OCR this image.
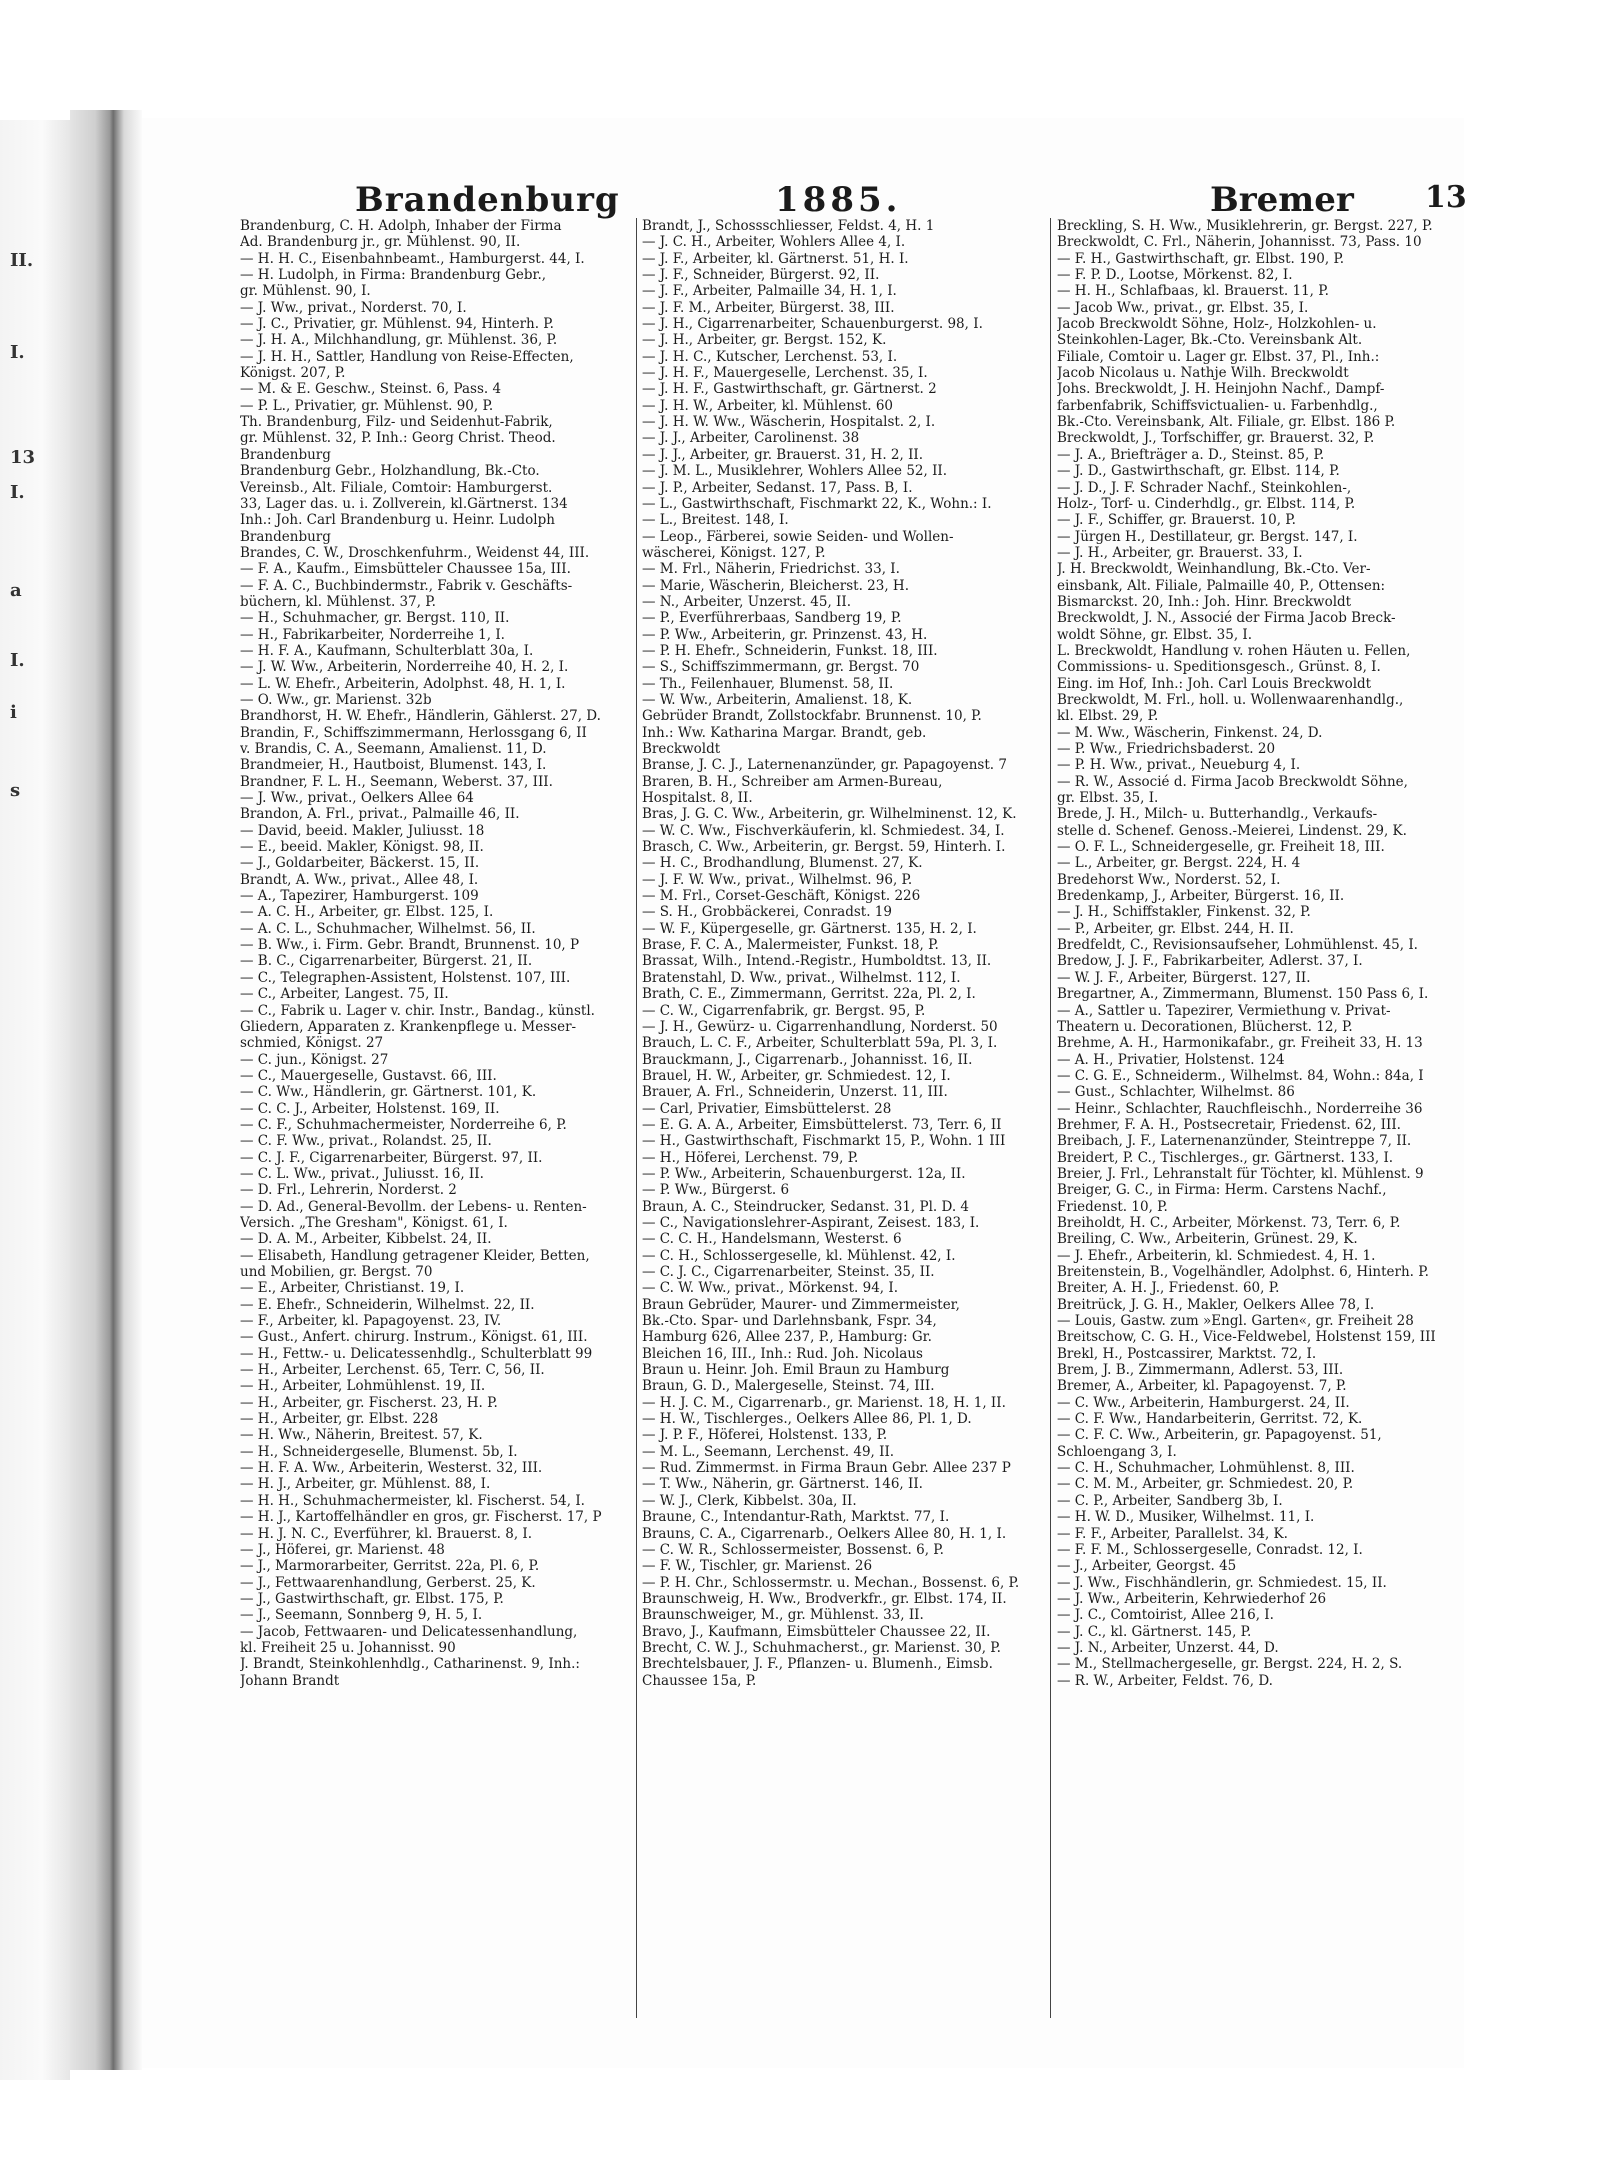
II.
I.
13
I.
a
I.
i
s
Brandenburg	1885.	Bremer 13
Brandenburg, C. H. Adolph, Inhaber der Firma
Ad. Brandenburg jr., gr. Mühlenst. 90, II.
— H. H. C., Eisenbahnbeamt., Hamburgerst. 44, I.
— H. Ludolph, in Firma: Brandenburg Gebr.,
gr. Mühlenst. 90, I.
— J. Ww., privat., Norderst. 70, I.
— J. C., Privatier, gr. Mühlenst. 94, Hinterh. P.
— J. H. A., Milchhandlung, gr. Mühlenst. 36, P.
— J. H. H., Sattler, Handlung von Reise-Effecten,
Königst. 207, P.
— M. & E. Geschw., Steinst. 6, Pass. 4
— P. L., Privatier, gr. Mühlenst. 90, P.
Th. Brandenburg, Filz- und Seidenhut-Fabrik,
gr. Mühlenst. 32, P. Inh.: Georg Christ. Theod.
Brandenburg
Brandenburg Gebr., Holzhandlung, Bk.-Cto.
Vereinsb., Alt. Filiale, Comtoir: Hamburgerst.
33, Lager das. u. i. Zollverein, kl.Gärtnerst. 134
Inh.: Joh. Carl Brandenburg u. Heinr. Ludolph
Brandenburg
Brandes, C. W., Droschkenfuhrm., Weidenst 44, III.
— F. A., Kaufm., Eimsbütteler Chaussee 15a, III.
— F. A. C., Buchbindermstr., Fabrik v. Geschäfts-
büchern, kl. Mühlenst. 37, P.
— H., Schuhmacher, gr. Bergst. 110, II.
— H., Fabrikarbeiter, Norderreihe 1, I.
— H. F. A., Kaufmann, Schulterblatt 30a, I.
— J. W. Ww., Arbeiterin, Norderreihe 40, H. 2, I.
— L. W. Ehefr., Arbeiterin, Adolphst. 48, H. 1, I.
— O. Ww., gr. Marienst. 32b
Brandhorst, H. W. Ehefr., Händlerin, Gählerst. 27, D.
Brandin, F., Schiffszimmermann, Herlossgang 6, II
v. Brandis, C. A., Seemann, Amalienst. 11, D.
Brandmeier, H., Hautboist, Blumenst. 143, I.
Brandner, F. L. H., Seemann, Weberst. 37, III.
— J. Ww., privat., Oelkers Allee 64
Brandon, A. Frl., privat., Palmaille 46, II.
— David, beeid. Makler, Juliusst. 18
— E., beeid. Makler, Königst. 98, II.
— J., Goldarbeiter, Bäckerst. 15, II.
Brandt, A. Ww., privat., Allee 48, I.
— A., Tapezirer, Hamburgerst. 109
— A. C. H., Arbeiter, gr. Elbst. 125, I.
— A. C. L., Schuhmacher, Wilhelmst. 56, II.
— B. Ww., i. Firm. Gebr. Brandt, Brunnenst. 10, P
— B. C., Cigarrenarbeiter, Bürgerst. 21, II.
— C., Telegraphen-Assistent, Holstenst. 107, III.
— C., Arbeiter, Langest. 75, II.
— C., Fabrik u. Lager v. chir. Instr., Bandag., künstl.
Gliedern, Apparaten z. Krankenpflege u. Messer-
schmied, Königst. 27
— C. jun., Königst. 27
— C., Mauergeselle, Gustavst. 66, III.
— C. Ww., Händlerin, gr. Gärtnerst. 101, K.
— C. C. J., Arbeiter, Holstenst. 169, II.
— C. F., Schuhmachermeister, Norderreihe 6, P.
— C. F. Ww., privat., Rolandst. 25, II.
— C. J. F., Cigarrenarbeiter, Bürgerst. 97, II.
— C. L. Ww., privat., Juliusst. 16, II.
— D. Frl., Lehrerin, Norderst. 2
— D. Ad., General-Bevollm. der Lebens- u. Renten-
Versich. „The Gresham", Königst. 61, I.
— D. A. M., Arbeiter, Kibbelst. 24, II.
— Elisabeth, Handlung getragener Kleider, Betten,
und Mobilien, gr. Bergst. 70
— E., Arbeiter, Christianst. 19, I.
— E. Ehefr., Schneiderin, Wilhelmst. 22, II.
— F., Arbeiter, kl. Papagoyenst. 23, IV.
— Gust., Anfert. chirurg. Instrum., Königst. 61, III.
— H., Fettw.- u. Delicatessenhdlg., Schulterblatt 99
— H., Arbeiter, Lerchenst. 65, Terr. C, 56, II.
— H., Arbeiter, Lohmühlenst. 19, II.
— H., Arbeiter, gr. Fischerst. 23, H. P.
— H., Arbeiter, gr. Elbst. 228
— H. Ww., Näherin, Breitest. 57, K.
— H., Schneidergeselle, Blumenst. 5b, I.
— H. F. A. Ww., Arbeiterin, Westerst. 32, III.
— H. J., Arbeiter, gr. Mühlenst. 88, I.
— H. H., Schuhmachermeister, kl. Fischerst. 54, I.
— H. J., Kartoffelhändler en gros, gr. Fischerst. 17, P
— H. J. N. C., Everführer, kl. Brauerst. 8, I.
— J., Höferei, gr. Marienst. 48
— J., Marmorarbeiter, Gerritst. 22a, Pl. 6, P.
— J., Fettwaarenhandlung, Gerberst. 25, K.
— J., Gastwirthschaft, gr. Elbst. 175, P.
— J., Seemann, Sonnberg 9, H. 5, I.
— Jacob, Fettwaaren- und Delicatessenhandlung,
kl. Freiheit 25 u. Johannisst. 90
J. Brandt, Steinkohlenhdlg., Catharinenst. 9, Inh.:
Johann Brandt
Brandt, J., Schossschliesser, Feldst. 4, H. 1
— J. C. H., Arbeiter, Wohlers Allee 4, I.
— J. F., Arbeiter, kl. Gärtnerst. 51, H. I.
— J. F., Schneider, Bürgerst. 92, II.
— J. F., Arbeiter, Palmaille 34, H. 1, I.
— J. F. M., Arbeiter, Bürgerst. 38, III.
— J. H., Cigarrenarbeiter, Schauenburgerst. 98, I.
— J. H., Arbeiter, gr. Bergst. 152, K.
— J. H. C., Kutscher, Lerchenst. 53, I.
— J. H. F., Mauergeselle, Lerchenst. 35, I.
— J. H. F., Gastwirthschaft, gr. Gärtnerst. 2
— J. H. W., Arbeiter, kl. Mühlenst. 60
— J. H. W. Ww., Wäscherin, Hospitalst. 2, I.
— J. J., Arbeiter, Carolinenst. 38
— J. J., Arbeiter, gr. Brauerst. 31, H. 2, II.
— J. M. L., Musiklehrer, Wohlers Allee 52, II.
— J. P., Arbeiter, Sedanst. 17, Pass. B, I.
— L., Gastwirthschaft, Fischmarkt 22, K., Wohn.: I.
— L., Breitest. 148, I.
— Leop., Färberei, sowie Seiden- und Wollen-
wäscherei, Königst. 127, P.
— M. Frl., Näherin, Friedrichst. 33, I.
— Marie, Wäscherin, Bleicherst. 23, H.
— N., Arbeiter, Unzerst. 45, II.
— P., Everführerbaas, Sandberg 19, P.
— P. Ww., Arbeiterin, gr. Prinzenst. 43, H.
— P. H. Ehefr., Schneiderin, Funkst. 18, III.
— S., Schiffszimmermann, gr. Bergst. 70
— Th., Feilenhauer, Blumenst. 58, II.
— W. Ww., Arbeiterin, Amalienst. 18, K.
Gebrüder Brandt, Zollstockfabr. Brunnenst. 10, P.
Inh.: Ww. Katharina Margar. Brandt, geb.
Breckwoldt
Branse, J. C. J., Laternenanzünder, gr. Papagoyenst. 7
Braren, B. H., Schreiber am Armen-Bureau,
Hospitalst. 8, II.
Bras, J. G. C. Ww., Arbeiterin, gr. Wilhelminenst. 12, K.
— W. C. Ww., Fischverkäuferin, kl. Schmiedest. 34, I.
Brasch, C. Ww., Arbeiterin, gr. Bergst. 59, Hinterh. I.
— H. C., Brodhandlung, Blumenst. 27, K.
— J. F. W. Ww., privat., Wilhelmst. 96, P.
— M. Frl., Corset-Geschäft, Königst. 226
— S. H., Grobbäckerei, Conradst. 19
— W. F., Küpergeselle, gr. Gärtnerst. 135, H. 2, I.
Brase, F. C. A., Malermeister, Funkst. 18, P.
Brassat, Wilh., Intend.-Registr., Humboldtst. 13, II.
Bratenstahl, D. Ww., privat., Wilhelmst. 112, I.
Brath, C. E., Zimmermann, Gerritst. 22a, Pl. 2, I.
— C. W., Cigarrenfabrik, gr. Bergst. 95, P.
— J. H., Gewürz- u. Cigarrenhandlung, Norderst. 50
Brauch, L. C. F., Arbeiter, Schulterblatt 59a, Pl. 3, I.
Brauckmann, J., Cigarrenarb., Johannisst. 16, II.
Brauel, H. W., Arbeiter, gr. Schmiedest. 12, I.
Brauer, A. Frl., Schneiderin, Unzerst. 11, III.
— Carl, Privatier, Eimsbüttelerst. 28
— E. G. A. A., Arbeiter, Eimsbüttelerst. 73, Terr. 6, II
— H., Gastwirthschaft, Fischmarkt 15, P., Wohn. 1 III
— H., Höferei, Lerchenst. 79, P.
— P. Ww., Arbeiterin, Schauenburgerst. 12a, II.
— P. Ww., Bürgerst. 6
Braun, A. C., Steindrucker, Sedanst. 31, Pl. D. 4
— C., Navigationslehrer-Aspirant, Zeisest. 183, I.
— C. C. H., Handelsmann, Westerst. 6
— C. H., Schlossergeselle, kl. Mühlenst. 42, I.
— C. J. C., Cigarrenarbeiter, Steinst. 35, II.
— C. W. Ww., privat., Mörkenst. 94, I.
Braun Gebrüder, Maurer- und Zimmermeister,
Bk.-Cto. Spar- und Darlehnsbank, Fspr. 34,
Hamburg 626, Allee 237, P., Hamburg: Gr.
Bleichen 16, III., Inh.: Rud. Joh. Nicolaus
Braun u. Heinr. Joh. Emil Braun zu Hamburg
Braun, G. D., Malergeselle, Steinst. 74, III.
— H. J. C. M., Cigarrenarb., gr. Marienst. 18, H. 1, II.
— H. W., Tischlerges., Oelkers Allee 86, Pl. 1, D.
— J. P. F., Höferei, Holstenst. 133, P.
— M. L., Seemann, Lerchenst. 49, II.
— Rud. Zimmermst. in Firma Braun Gebr. Allee 237 P
— T. Ww., Näherin, gr. Gärtnerst. 146, II.
— W. J., Clerk, Kibbelst. 30a, II.
Braune, C., Intendantur-Rath, Marktst. 77, I.
Brauns, C. A., Cigarrenarb., Oelkers Allee 80, H. 1, I.
— C. W. R., Schlossermeister, Bossenst. 6, P.
— F. W., Tischler, gr. Marienst. 26
— P. H. Chr., Schlossermstr. u. Mechan., Bossenst. 6, P.
Braunschweig, H. Ww., Brodverkfr., gr. Elbst. 174, II.
Braunschweiger, M., gr. Mühlenst. 33, II.
Bravo, J., Kaufmann, Eimsbütteler Chaussee 22, II.
Brecht, C. W. J., Schuhmacherst., gr. Marienst. 30, P.
Brechtelsbauer, J. F., Pflanzen- u. Blumenh., Eimsb.
Chaussee 15a, P.
Breckling, S. H. Ww., Musiklehrerin, gr. Bergst. 227, P.
Breckwoldt, C. Frl., Näherin, Johannisst. 73, Pass. 10
— F. H., Gastwirthschaft, gr. Elbst. 190, P.
— F. P. D., Lootse, Mörkenst. 82, I.
— H. H., Schlafbaas, kl. Brauerst. 11, P.
— Jacob Ww., privat., gr. Elbst. 35, I.
Jacob Breckwoldt Söhne, Holz-, Holzkohlen- u.
Steinkohlen-Lager, Bk.-Cto. Vereinsbank Alt.
Filiale, Comtoir u. Lager gr. Elbst. 37, Pl., Inh.:
Jacob Nicolaus u. Nathje Wilh. Breckwoldt
Johs. Breckwoldt, J. H. Heinjohn Nachf., Dampf-
farbenfabrik, Schiffsvictualien- u. Farbenhdlg.,
Bk.-Cto. Vereinsbank, Alt. Filiale, gr. Elbst. 186 P.
Breckwoldt, J., Torfschiffer, gr. Brauerst. 32, P.
— J. A., Briefträger a. D., Steinst. 85, P.
— J. D., Gastwirthschaft, gr. Elbst. 114, P.
— J. D., J. F. Schrader Nachf., Steinkohlen-,
Holz-, Torf- u. Cinderhdlg., gr. Elbst. 114, P.
— J. F., Schiffer, gr. Brauerst. 10, P.
— Jürgen H., Destillateur, gr. Bergst. 147, I.
— J. H., Arbeiter, gr. Brauerst. 33, I.
J. H. Breckwoldt, Weinhandlung, Bk.-Cto. Ver-
einsbank, Alt. Filiale, Palmaille 40, P., Ottensen:
Bismarckst. 20, Inh.: Joh. Hinr. Breckwoldt
Breckwoldt, J. N., Associé der Firma Jacob Breck-
woldt Söhne, gr. Elbst. 35, I.
L. Breckwoldt, Handlung v. rohen Häuten u. Fellen,
Commissions- u. Speditionsgesch., Grünst. 8, I.
Eing. im Hof, Inh.: Joh. Carl Louis Breckwoldt
Breckwoldt, M. Frl., holl. u. Wollenwaarenhandlg.,
kl. Elbst. 29, P.
— M. Ww., Wäscherin, Finkenst. 24, D.
— P. Ww., Friedrichsbaderst. 20
— P. H. Ww., privat., Neueburg 4, I.
— R. W., Associé d. Firma Jacob Breckwoldt Söhne,
gr. Elbst. 35, I.
Brede, J. H., Milch- u. Butterhandlg., Verkaufs-
stelle d. Schenef. Genoss.-Meierei, Lindenst. 29, K.
— O. F. L., Schneidergeselle, gr. Freiheit 18, III.
— L., Arbeiter, gr. Bergst. 224, H. 4
Bredehorst Ww., Norderst. 52, I.
Bredenkamp, J., Arbeiter, Bürgerst. 16, II.
— J. H., Schiffstakler, Finkenst. 32, P.
— P., Arbeiter, gr. Elbst. 244, H. II.
Bredfeldt, C., Revisionsaufseher, Lohmühlenst. 45, I.
Bredow, J. J. F., Fabrikarbeiter, Adlerst. 37, I.
— W. J. F., Arbeiter, Bürgerst. 127, II.
Bregartner, A., Zimmermann, Blumenst. 150 Pass 6, I.
— A., Sattler u. Tapezirer, Vermiethung v. Privat-
Theatern u. Decorationen, Blücherst. 12, P.
Brehme, A. H., Harmonikafabr., gr. Freiheit 33, H. 13
— A. H., Privatier, Holstenst. 124
— C. G. E., Schneiderm., Wilhelmst. 84, Wohn.: 84a, I
— Gust., Schlachter, Wilhelmst. 86
— Heinr., Schlachter, Rauchfleischh., Norderreihe 36
Brehmer, F. A. H., Postsecretair, Friedenst. 62, III.
Breibach, J. F., Laternenanzünder, Steintreppe 7, II.
Breidert, P. C., Tischlerges., gr. Gärtnerst. 133, I.
Breier, J. Frl., Lehranstalt für Töchter, kl. Mühlenst. 9
Breiger, G. C., in Firma: Herm. Carstens Nachf.,
Friedenst. 10, P.
Breiholdt, H. C., Arbeiter, Mörkenst. 73, Terr. 6, P.
Breiling, C. Ww., Arbeiterin, Grünest. 29, K.
— J. Ehefr., Arbeiterin, kl. Schmiedest. 4, H. 1.
Breitenstein, B., Vogelhändler, Adolphst. 6, Hinterh. P.
Breiter, A. H. J., Friedenst. 60, P.
Breitrück, J. G. H., Makler, Oelkers Allee 78, I.
— Louis, Gastw. zum »Engl. Garten«, gr. Freiheit 28
Breitschow, C. G. H., Vice-Feldwebel, Holstenst 159, III
Brekl, H., Postcassirer, Marktst. 72, I.
Brem, J. B., Zimmermann, Adlerst. 53, III.
Bremer, A., Arbeiter, kl. Papagoyenst. 7, P.
— C. Ww., Arbeiterin, Hamburgerst. 24, II.
— C. F. Ww., Handarbeiterin, Gerritst. 72, K.
— C. F. C. Ww., Arbeiterin, gr. Papagoyenst. 51,
Schloengang 3, I.
— C. H., Schuhmacher, Lohmühlenst. 8, III.
— C. M. M., Arbeiter, gr. Schmiedest. 20, P.
— C. P., Arbeiter, Sandberg 3b, I.
— H. W. D., Musiker, Wilhelmst. 11, I.
— F. F., Arbeiter, Parallelst. 34, K.
— F. F. M., Schlossergeselle, Conradst. 12, I.
— J., Arbeiter, Georgst. 45
— J. Ww., Fischhändlerin, gr. Schmiedest. 15, II.
— J. Ww., Arbeiterin, Kehrwiederhof 26
— J. C., Comtoirist, Allee 216, I.
— J. C., kl. Gärtnerst. 145, P.
— J. N., Arbeiter, Unzerst. 44, D.
— M., Stellmachergeselle, gr. Bergst. 224, H. 2, S.
— R. W., Arbeiter, Feldst. 76, D.
